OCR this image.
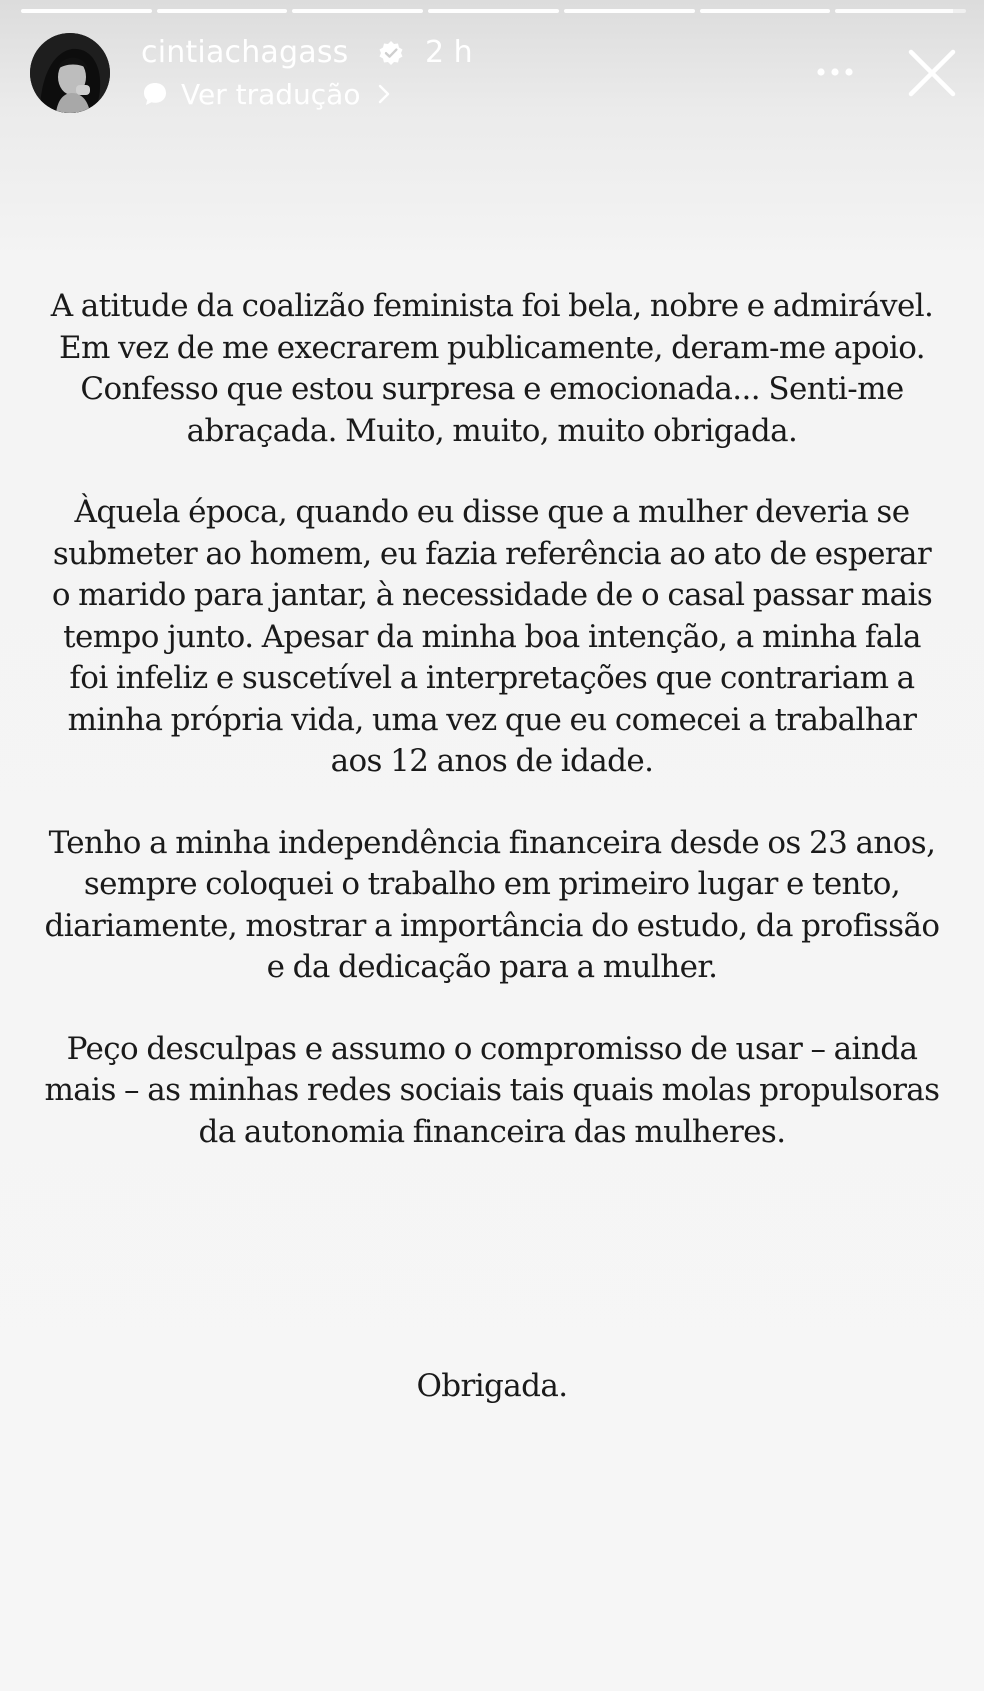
cintiachagass	2 h
Ver tradução

A atitude da coalizão feminista foi bela, nobre e admirável. Em vez de me execrarem publicamente, deram-me apoio. Confesso que estou surpresa e emocionada... Senti-me abraçada. Muito, muito, muito obrigada.

Àquela época, quando eu disse que a mulher deveria se submeter ao homem, eu fazia referência ao ato de esperar o marido para jantar, à necessidade de o casal passar mais tempo junto. Apesar da minha boa intenção, a minha fala foi infeliz e suscetível a interpretações que contrariam a minha própria vida, uma vez que eu comecei a trabalhar aos 12 anos de idade.

Tenho a minha independência financeira desde os 23 anos, sempre coloquei o trabalho em primeiro lugar e tento, diariamente, mostrar a importância do estudo, da profissão e da dedicação para a mulher.

Peço desculpas e assumo o compromisso de usar – ainda mais – as minhas redes sociais tais quais molas propulsoras da autonomia financeira das mulheres.

Obrigada.
